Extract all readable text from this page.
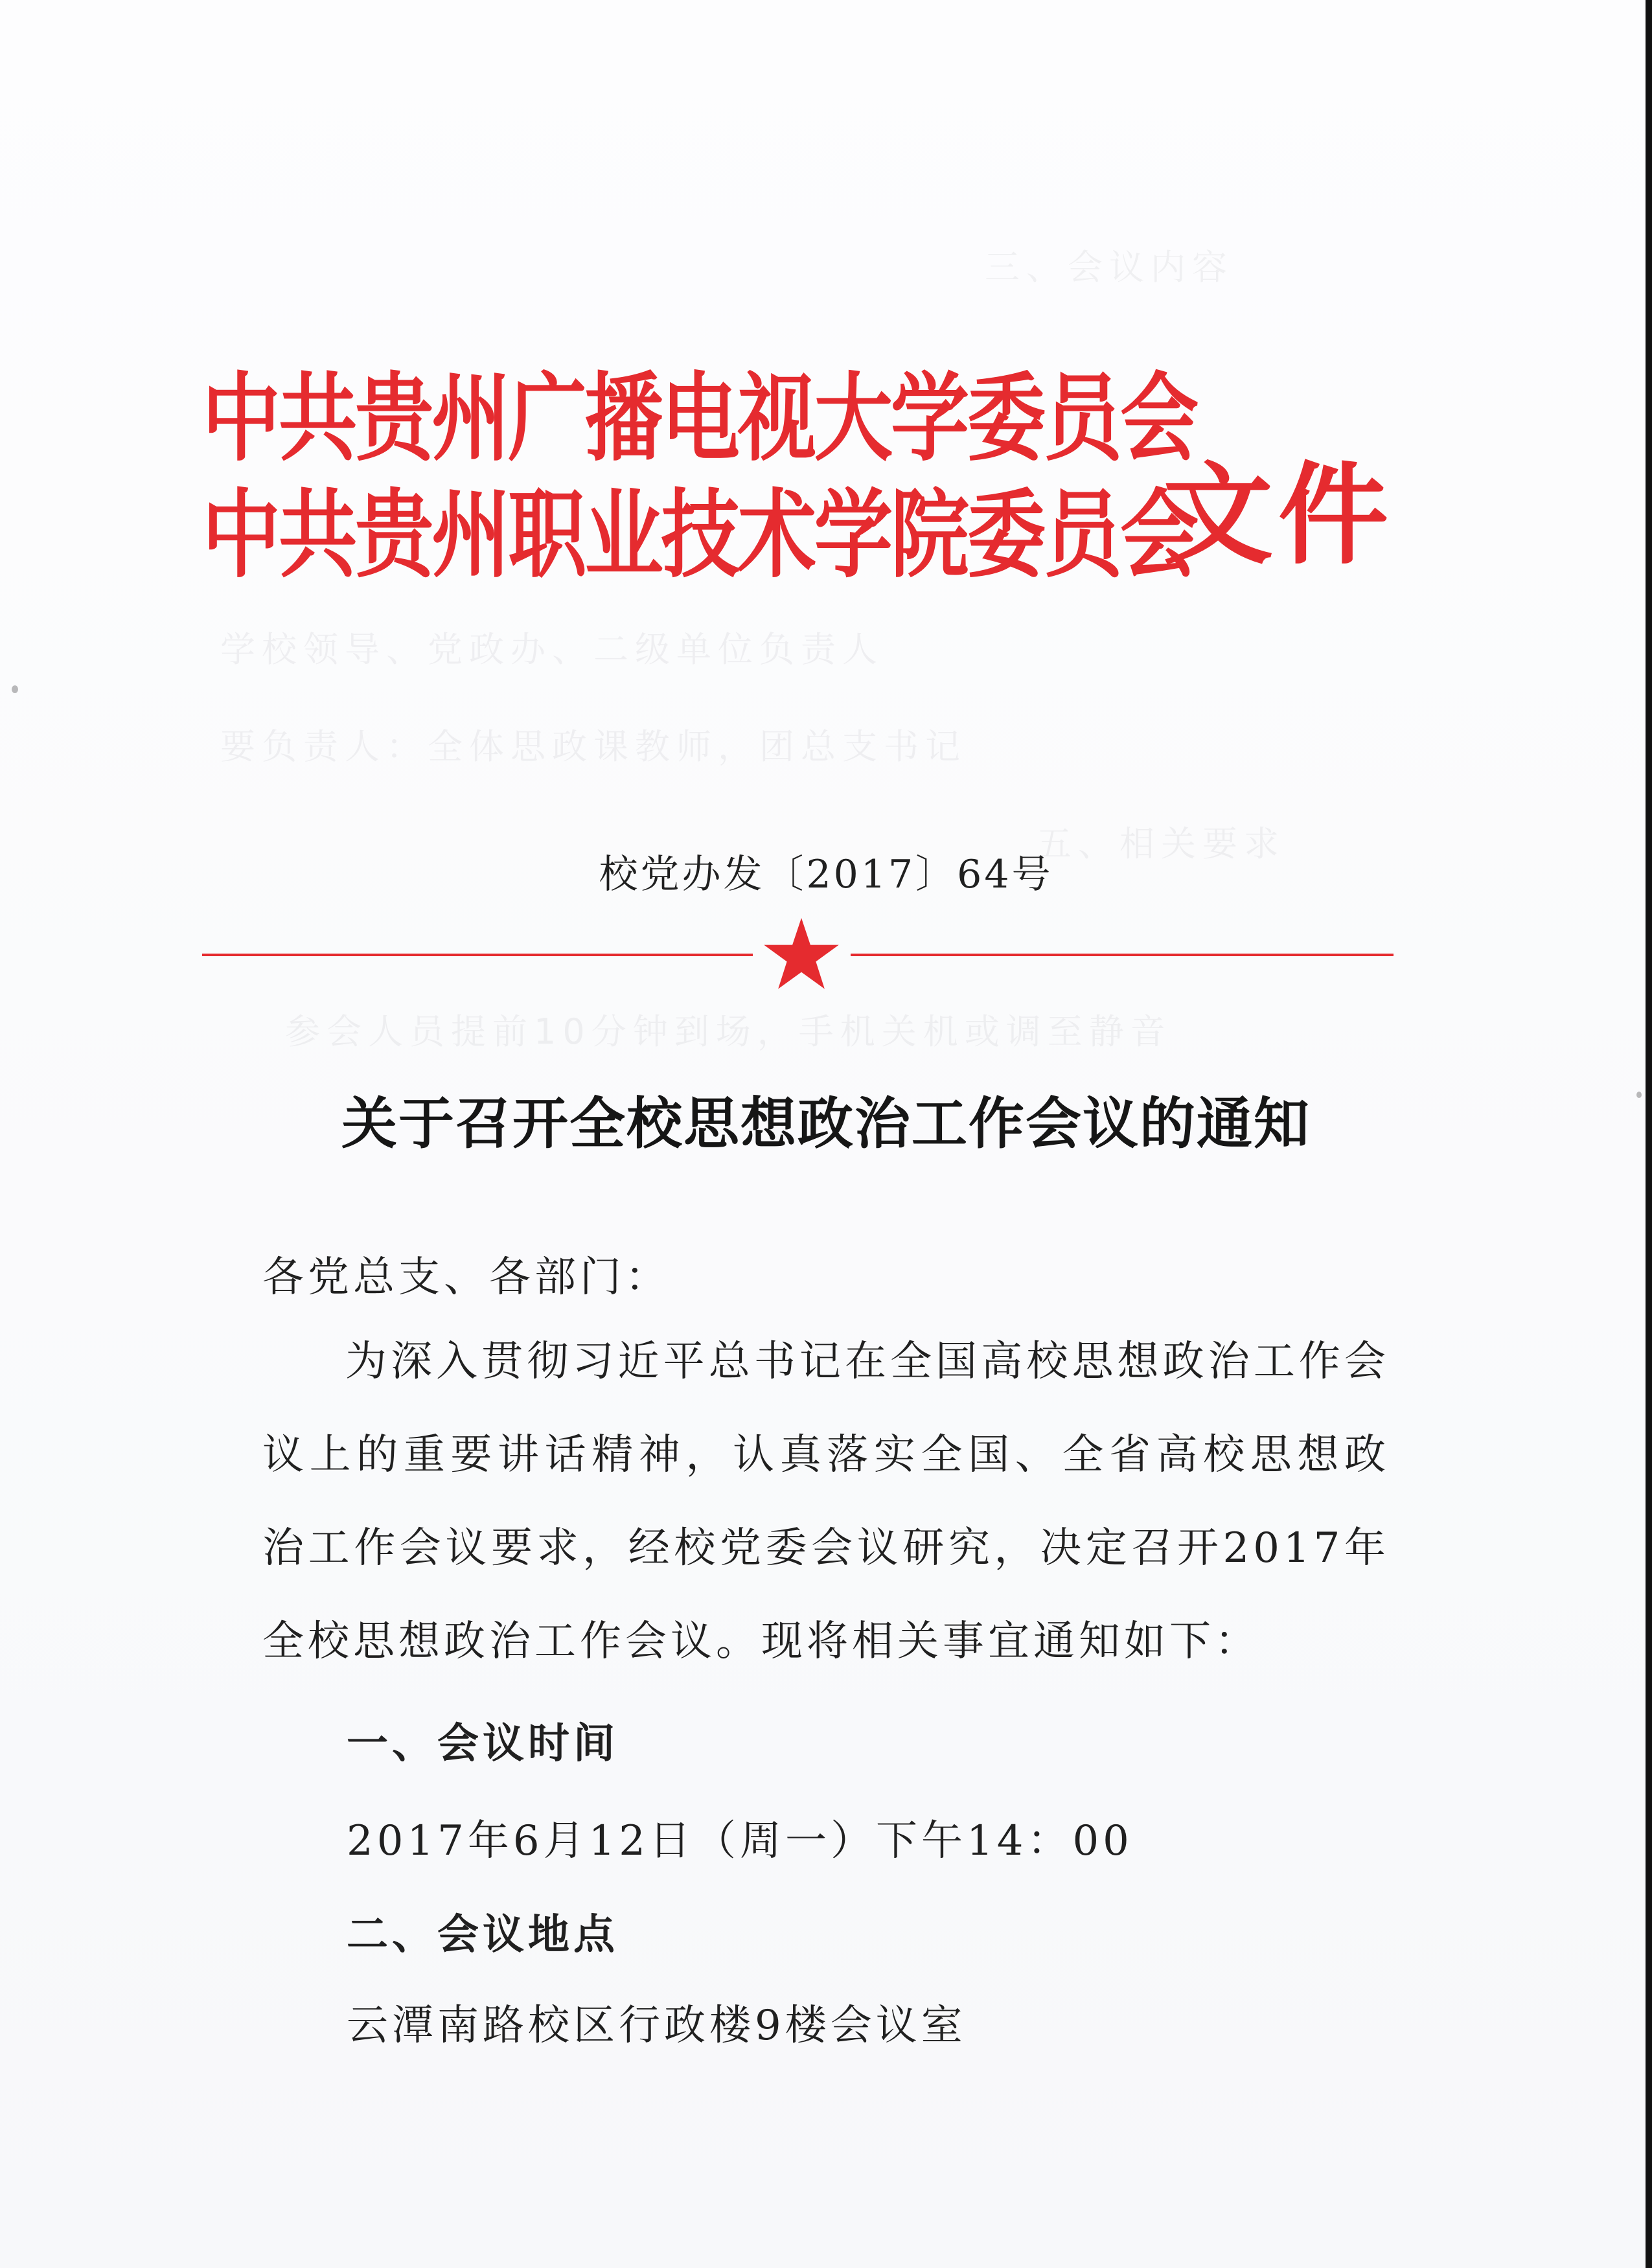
三、会议内容
学校领导、党政办、二级单位负责人
要负责人：全体思政课教师，团总支书记
五、相关要求
参会人员提前10分钟到场，手机关机或调至静音
中共贵州广播电视大学委员会
中共贵州职业技术学院委员会
文件
校党办发〔2017〕64号
关于召开全校思想政治工作会议的通知
各党总支、各部门：
为深入贯彻习近平总书记在全国高校思想政治工作会议上的重要讲话精神，认真落实全国、全省高校思想政治工作会议要求，经校党委会议研究，决定召开2017年全校思想政治工作会议。现将相关事宜通知如下：
一、会议时间
2017年6月12日（周一）下午14：00
二、会议地点
云潭南路校区行政楼9楼会议室
